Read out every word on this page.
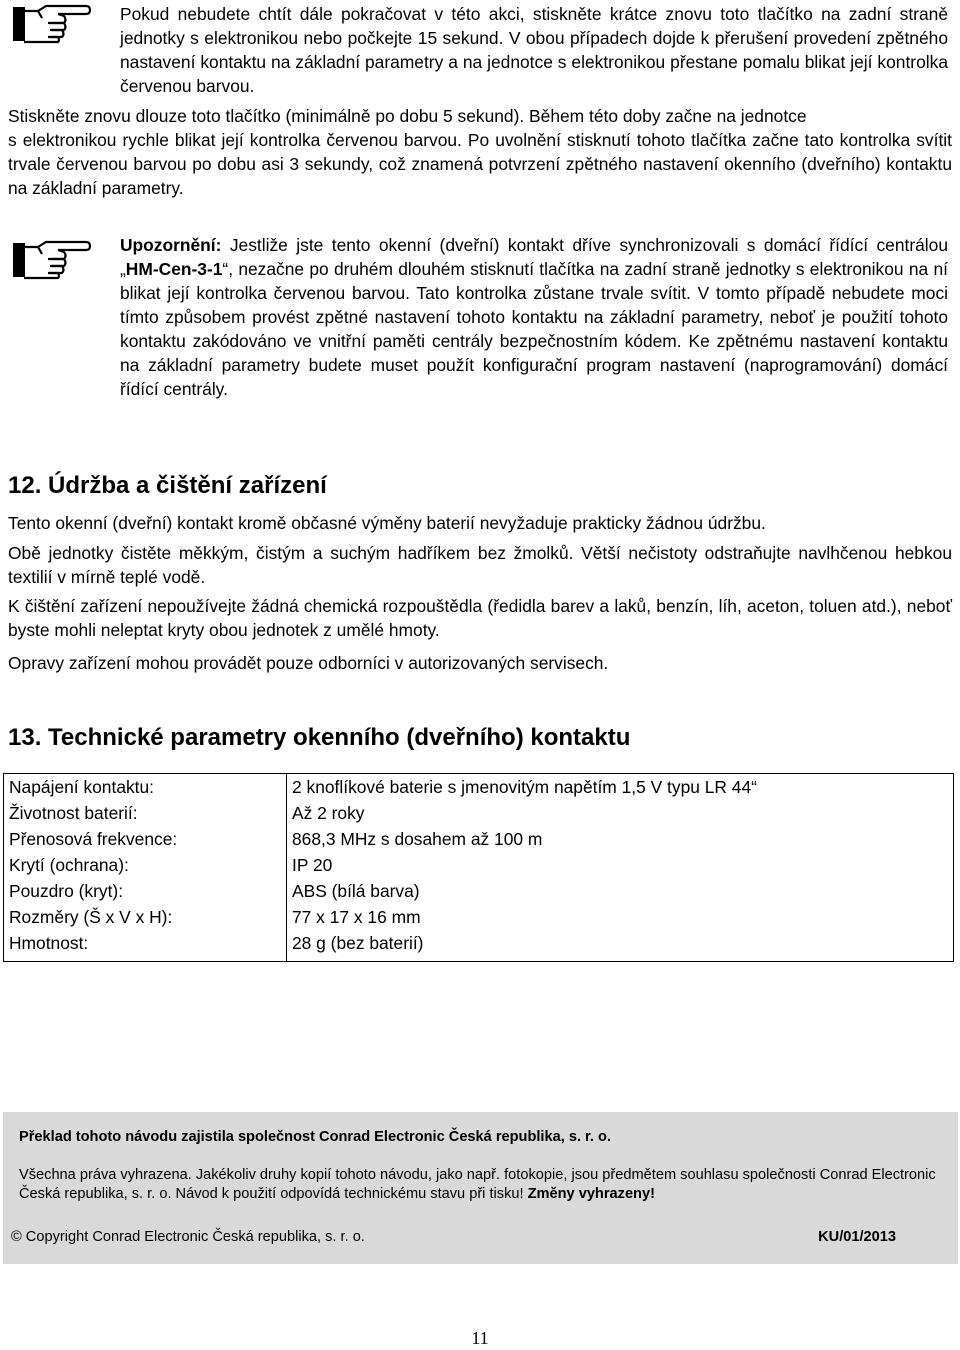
Pokud nebudete chtít dále pokračovat v této akci, stiskněte krátce znovu toto tlačítko na zadní straně jednotky s elektronikou nebo počkejte 15 sekund. V obou případech dojde k přerušení provedení zpětného nastavení kontaktu na základní parametry a na jednotce s elektronikou přestane pomalu blikat její kontrolka červenou barvou.

Stiskněte znovu dlouze toto tlačítko (minimálně po dobu 5 sekund). Během této doby začne na jednotce

s elektronikou rychle blikat její kontrolka červenou barvou. Po uvolnění stisknutí tohoto tlačítka začne tato kontrolka svítit trvale červenou barvou po dobu asi 3 sekundy, což znamená potvrzení zpětného nastavení okenního (dveřního) kontaktu na základní parametry.

Upozornění: Jestliže jste tento okenní (dveřní) kontakt dříve synchronizovali s domácí řídící centrálou „HM-Cen-3-1“, nezačne po druhém dlouhém stisknutí tlačítka na zadní straně jednotky s elektronikou na ní blikat její kontrolka červenou barvou. Tato kontrolka zůstane trvale svítit. V tomto případě nebudete moci tímto způsobem provést zpětné nastavení tohoto kontaktu na základní parametry, neboť je použití tohoto kontaktu zakódováno ve vnitřní paměti centrály bezpečnostním kódem. Ke zpětnému nastavení kontaktu na základní parametry budete muset použít konfigurační program nastavení (naprogramování) domácí řídící centrály.

12. Údržba a čištění zařízení

Tento okenní (dveřní) kontakt kromě občasné výměny baterií nevyžaduje prakticky žádnou údržbu.

Obě jednotky čistěte měkkým, čistým a suchým hadříkem bez žmolků. Větší nečistoty odstraňujte navlhčenou hebkou textilií v mírně teplé vodě.

K čištění zařízení nepoužívejte žádná chemická rozpouštědla (ředidla barev a laků, benzín, líh, aceton, toluen atd.), neboť byste mohli neleptat kryty obou jednotek z umělé hmoty.

Opravy zařízení mohou provádět pouze odborníci v autorizovaných servisech.

13. Technické parametry okenního (dveřního) kontaktu
Napájení kontaktu:	2 knoflíkové baterie s jmenovitým napětím 1,5 V typu LR 44“
Životnost baterií:	Až 2 roky
Přenosová frekvence:	868,3 MHz s dosahem až 100 m
Krytí (ochrana):	IP 20
Pouzdro (kryt):	ABS (bílá barva)
Rozměry (Š x V x H):	77 x 17 x 16 mm
Hmotnost:	28 g (bez baterií)
Překlad tohoto návodu zajistila společnost Conrad Electronic Česká republika, s. r. o.
Všechna práva vyhrazena. Jakékoliv druhy kopií tohoto návodu, jako např. fotokopie, jsou předmětem souhlasu společnosti Conrad Electronic Česká republika, s. r. o. Návod k použití odpovídá technickému stavu při tisku! Změny vyhrazeny!
© Copyright Conrad Electronic Česká republika, s. r. o.	KU/01/2013
11
